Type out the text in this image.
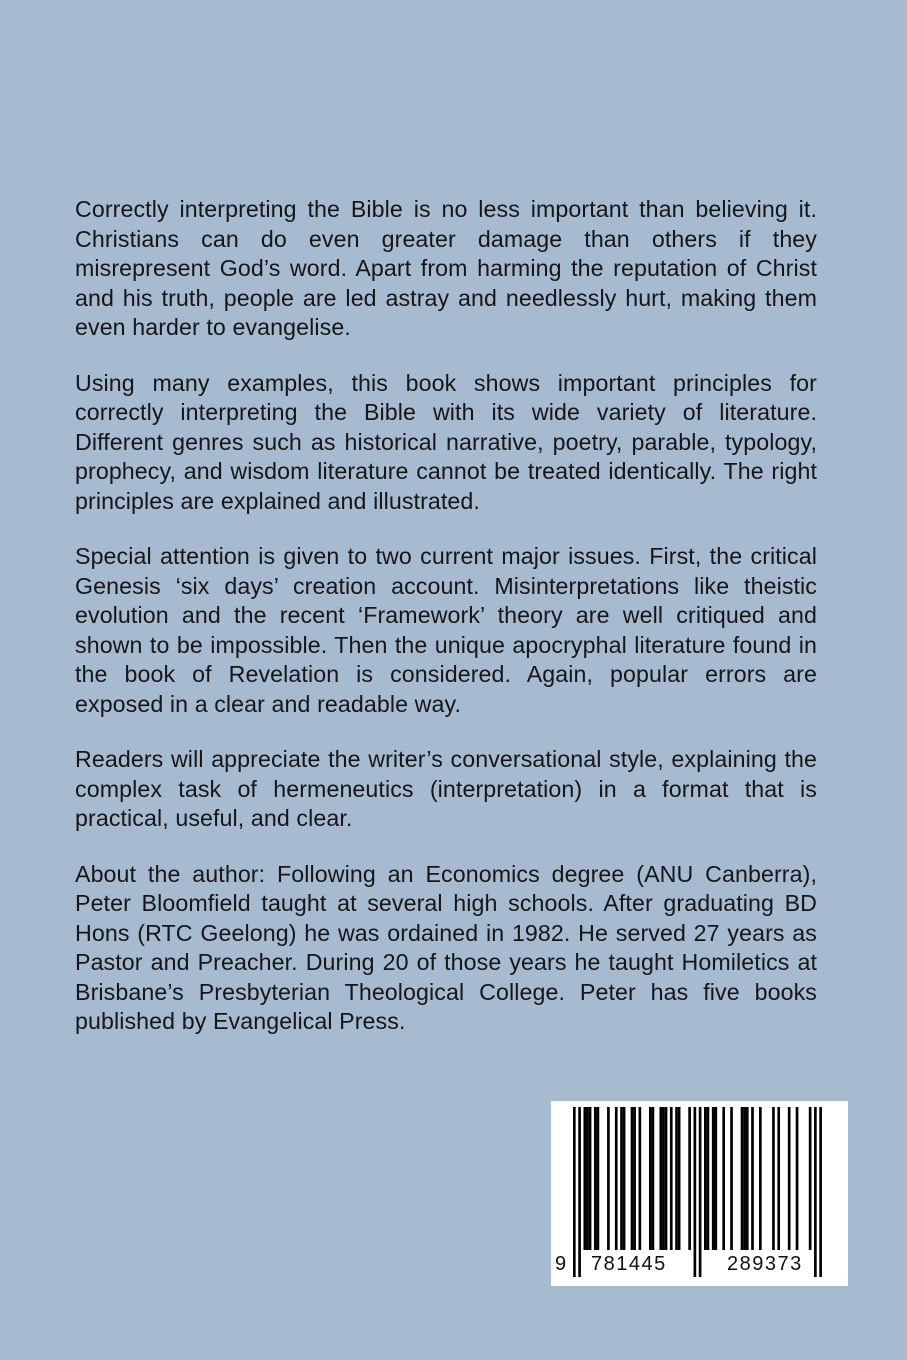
Correctly interpreting the Bible is no less important than believing it. Christians can do even greater damage than others if they misrepresent God’s word. Apart from harming the reputation of Christ and his truth, people are led astray and needlessly hurt, making them even harder to evangelise.

Using many examples, this book shows important principles for correctly interpreting the Bible with its wide variety of literature. Different genres such as historical narrative, poetry, parable, typology, prophecy, and wisdom literature cannot be treated identically. The right principles are explained and illustrated.

Special attention is given to two current major issues. First, the critical Genesis ‘six days’ creation account. Misinterpretations like theistic evolution and the recent ‘Framework’ theory are well critiqued and shown to be impossible. Then the unique apocryphal literature found in the book of Revelation is considered. Again, popular errors are exposed in a clear and readable way.

Readers will appreciate the writer’s conversational style, explaining the complex task of hermeneutics (interpretation) in a format that is practical, useful, and clear.

About the author: Following an Economics degree (ANU Canberra), Peter Bloomfield taught at several high schools. After graduating BD Hons (RTC Geelong) he was ordained in 1982. He served 27 years as Pastor and Preacher. During 20 of those years he taught Homiletics at Brisbane’s Presbyterian Theological College. Peter has five books published by Evangelical Press.

9 781445	289373
